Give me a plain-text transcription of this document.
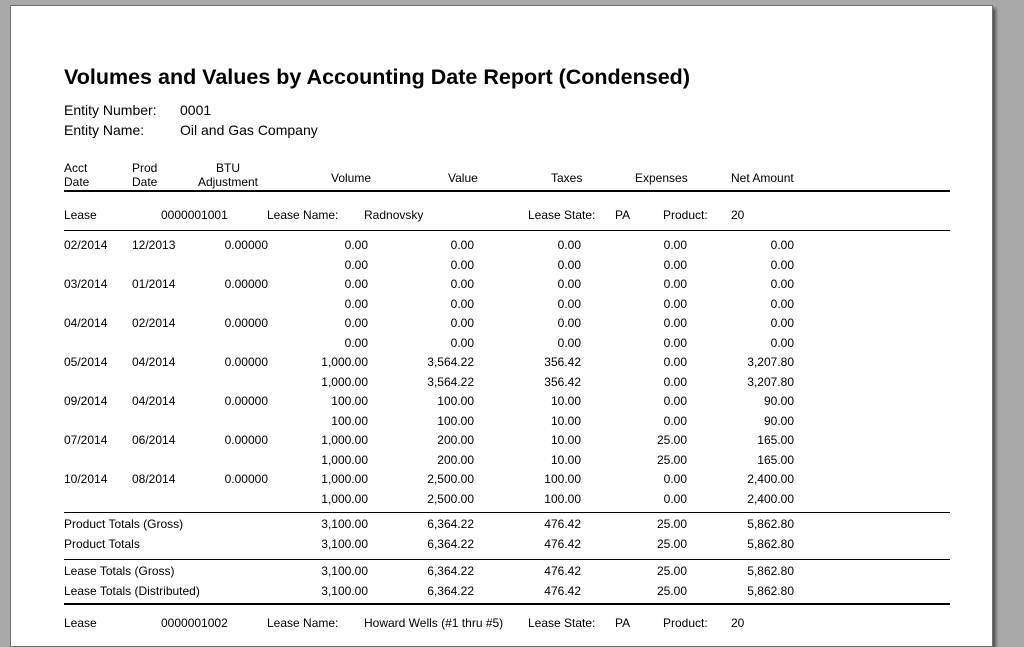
Volumes and Values by Accounting Date Report (Condensed)
Entity Number: 0001
Entity Name:	Oil and Gas Company
Acct
Date
Prod
Date
BTU
Adjustment	Volume	Value	Taxes	Expenses	Net Amount
Lease	0000001001	Lease Name: Radnovsky	Lease State: PA	Product: 20
02/2014 12/2013	0.00000	0.00	0.00	0.00	0.00	0.00
0.00	0.00	0.00	0.00	0.00
03/2014 01/2014	0.00000	0.00	0.00	0.00	0.00	0.00
0.00	0.00	0.00	0.00	0.00
04/2014 02/2014	0.00000	0.00	0.00	0.00	0.00	0.00
0.00	0.00	0.00	0.00	0.00
05/2014 04/2014	0.00000	1,000.00	3,564.22	356.42	0.00	3,207.80
1,000.00	3,564.22	356.42	0.00	3,207.80
09/2014 04/2014	0.00000	100.00	100.00	10.00	0.00	90.00
100.00	100.00	10.00	0.00	90.00
07/2014 06/2014	0.00000	1,000.00	200.00	10.00	25.00	165.00
1,000.00	200.00	10.00	25.00	165.00
10/2014 08/2014	0.00000	1,000.00	2,500.00	100.00	0.00	2,400.00
1,000.00	2,500.00	100.00	0.00	2,400.00
Product Totals (Gross)	3,100.00	6,364.22	476.42	25.00	5,862.80
Product Totals	3,100.00	6,364.22	476.42	25.00	5,862.80
Lease Totals (Gross)	3,100.00	6,364.22	476.42	25.00	5,862.80
Lease Totals (Distributed)	3,100.00	6,364.22	476.42	25.00	5,862.80
Lease	0000001002	Lease Name: Howard Wells (#1 thru #5) Lease State: PA	Product: 20
